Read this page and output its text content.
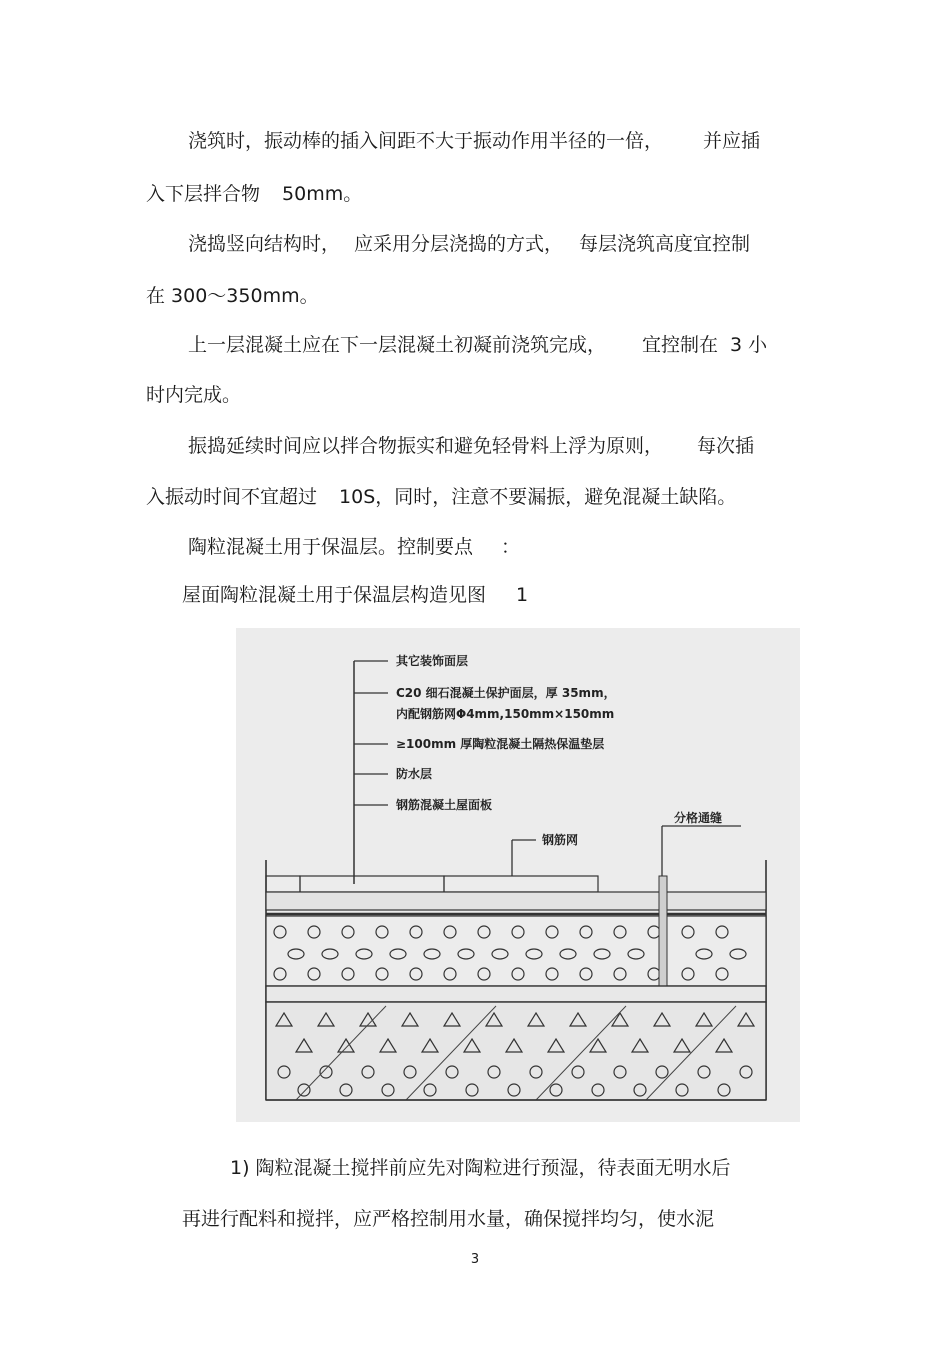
浇筑时，振动棒的插入间距不大于振动作用半径的一倍， 并应插
入下层拌合物 50mm。
浇捣竖向结构时， 应采用分层浇捣的方式， 每层浇筑高度宜控制
在 300～350mm。
上一层混凝土应在下一层混凝土初凝前浇筑完成， 宜控制在 3 小
时内完成。
振捣延续时间应以拌合物振实和避免轻骨料上浮为原则， 每次插
入振动时间不宜超过 10S，同时，注意不要漏振，避免混凝土缺陷。
陶粒混凝土用于保温层。控制要点 ：
屋面陶粒混凝土用于保温层构造见图 1
其它装饰面层
C20 细石混凝土保护面层，厚 35mm，
内配钢筋网Φ4mm,150mm×150mm
≥100mm 厚陶粒混凝土隔热保温垫层
防水层
钢筋混凝土屋面板
钢筋网
分格通缝
1) 陶粒混凝土搅拌前应先对陶粒进行预湿，待表面无明水后
再进行配料和搅拌，应严格控制用水量，确保搅拌均匀，使水泥
3
